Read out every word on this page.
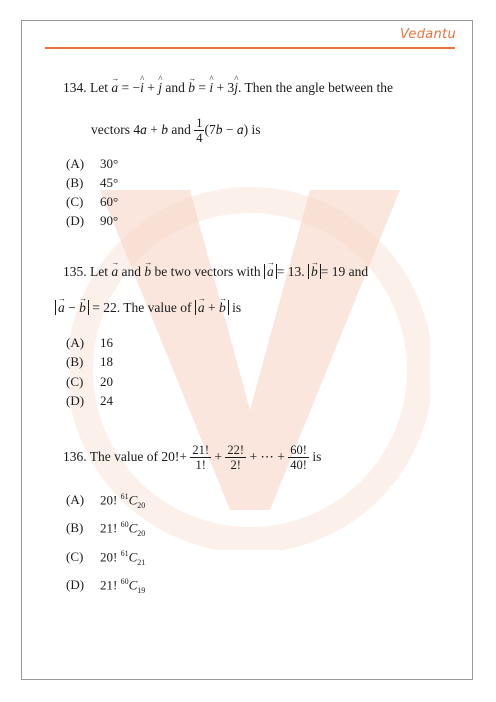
Vedantu
134. Let → a = −^ i + ^ j and → b = ^ i + 3^ j. Then the angle between the
vectors 4→ a + → b and $\frac{1}{4} (7\to b$ − → a) is
(A) 30°
(B) 45°
(C) 60°
(D) 90°
135. Let → a and → b be two vectors with → a = 13. → b = 19 and
→ a − → b = 22. The value of → a + → b is
(A) 16
(B) 18
(C) 20
(D) 24
136. The value of $20!+ \frac{21!}{1!} + \frac{22!}{2!}$ + ⋯ + $\frac{60!}{40!}$ is
(A) 20! $^{61}C_{20}$
(B) 21! $^{60}C_{20}$
(C) 20! $^{61}C_{21}$
(D) 21! $^{60}C_{19}$
